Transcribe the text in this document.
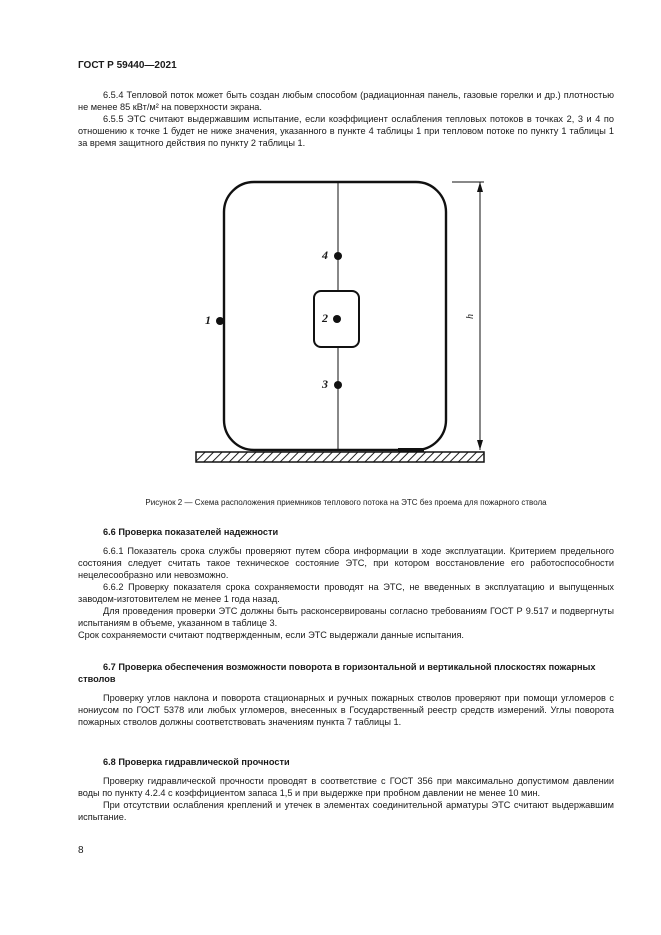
ГОСТ Р 59440—2021

6.5.4 Тепловой поток может быть создан любым способом (радиационная панель, газовые горелки и др.) плотностью не менее 85 кВт/м² на поверхности экрана.

6.5.5 ЭТС считают выдержавшим испытание, если коэффициент ослабления тепловых потоков в точках 2, 3 и 4 по отношению к точке 1 будет не ниже значения, указанного в пункте 4 таблицы 1 при тепловом потоке по пункту 1 таблицы 1 за время защитного действия по пункту 2 таблицы 1.

4
2
3
1	h
Рисунок 2 — Схема расположения приемников теплового потока на ЭТС без проема для пожарного ствола

6.6 Проверка показателей надежности

6.6.1 Показатель срока службы проверяют путем сбора информации в ходе эксплуатации. Критерием предельного состояния следует считать такое техническое состояние ЭТС, при котором восстановление его работоспособности нецелесообразно или невозможно.

6.6.2 Проверку показателя срока сохраняемости проводят на ЭТС, не введенных в эксплуатацию и выпущенных заводом-изготовителем не менее 1 года назад.

Для проведения проверки ЭТС должны быть расконсервированы согласно требованиям ГОСТ Р 9.517 и подвергнуты испытаниям в объеме, указанном в таблице 3.

Срок сохраняемости считают подтвержденным, если ЭТС выдержали данные испытания.

6.7 Проверка обеспечения возможности поворота в горизонтальной и вертикальной плоскостях пожарных стволов

Проверку углов наклона и поворота стационарных и ручных пожарных стволов проверяют при помощи угломеров с нониусом по ГОСТ 5378 или любых угломеров, внесенных в Государственный реестр средств измерений. Углы поворота пожарных стволов должны соответствовать значениям пункта 7 таблицы 1.

6.8 Проверка гидравлической прочности

Проверку гидравлической прочности проводят в соответствие с ГОСТ 356 при максимально допустимом давлении воды по пункту 4.2.4 с коэффициентом запаса 1,5 и при выдержке при пробном давлении не менее 10 мин.

При отсутствии ослабления креплений и утечек в элементах соединительной арматуры ЭТС считают выдержавшим испытание.

8
